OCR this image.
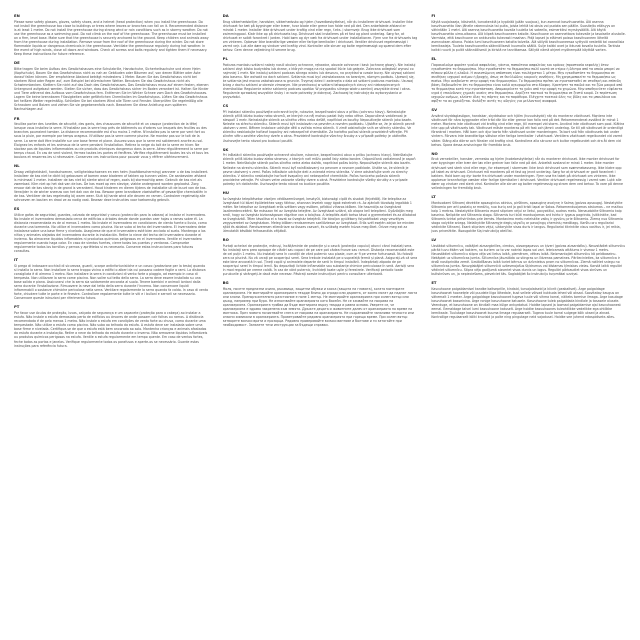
EN

Please wear safety glasses, gloves, safety shoes, and a helmet (head protection) when you install the greenhouse. Do not install the greenhouse too close to buildings or trees where leaves or branches can fall on it. Recommended distance is at least 1 metre. Do not install the greenhouse during strong wind or rain conditions such as in stormy weather. Do not use the greenhouse as a swimming pool. Do not climb on the roof of the greenhouse. The greenhouse must be installed on a firm, level base. Make sure that the greenhouse is securely anchored to the ground. Keep children and animals away from the greenhouse during installation. Remove snow from the roof of the greenhouse during the winter. Do not store flammable liquids or dangerous chemicals in the greenhouse. Ventilate the greenhouse regularly during hot weather. In the event of high winds, close all doors and windows. Check all screws and bolts regularly and tighten them if necessary. Keep these instructions for future reference.

DE

Bitte tragen Sie beim Aufbau des Gewächshauses eine Schutzbrille, Handschuhe, Sicherheitsschuhe und einen Helm (Kopfschutz). Bauen Sie das Gewächshaus nicht zu nah an Gebäuden oder Bäumen auf, von denen Blätter oder Äste darauf fallen können. Der empfohlene Abstand beträgt mindestens 1 Meter. Bauen Sie das Gewächshaus nicht bei starkem Wind oder Regen auf, zum Beispiel bei stürmischem Wetter. Benutzen Sie das Gewächshaus nicht als Schwimmbecken. Klettern Sie nicht auf das Dach des Gewächshauses. Das Gewächshaus muss auf einem festen, ebenen Untergrund aufgebaut werden. Stellen Sie sicher, dass das Gewächshaus sicher im Boden verankert ist. Halten Sie Kinder und Tiere während des Aufbaus vom Gewächshaus fern. Entfernen Sie im Winter Schnee vom Dach des Gewächshauses. Lagern Sie keine brennbaren Flüssigkeiten oder gefährlichen Chemikalien im Gewächshaus. Lüften Sie das Gewächshaus bei heißem Wetter regelmäßig. Schließen Sie bei starkem Wind alle Türen und Fenster. Überprüfen Sie regelmäßig alle Schrauben und Bolzen und ziehen Sie sie gegebenenfalls nach. Bewahren Sie diese Anleitung zum späteren Nachschlagen auf.

FR

Veuillez porter des lunettes de sécurité, des gants, des chaussures de sécurité et un casque (protection de la tête) lorsque vous installez la serre. N'installez pas la serre trop près de bâtiments ou d'arbres sur lesquels des feuilles ou des branches pourraient tomber. La distance recommandée est d'au moins 1 mètre. N'installez pas la serre par vent fort ou sous la pluie, par exemple par temps orageux. N'utilisez pas la serre comme piscine. Ne montez pas sur le toit de la serre. La serre doit être installée sur une base ferme et plane. Assurez-vous que la serre est solidement ancrée au sol. Éloignez les enfants et les animaux de la serre pendant l'installation. Retirez la neige du toit de la serre en hiver. Ne stockez pas de liquides inflammables ou de produits chimiques dangereux dans la serre. Aérez régulièrement la serre par temps chaud. En cas de vent violent, fermez toutes les portes et fenêtres. Vérifiez régulièrement toutes les vis et tous les boulons et resserrez-les si nécessaire. Conservez ces instructions pour pouvoir vous y référer ultérieurement.

NL

Draag veiligheidsbril, handschoenen, veiligheidsschoenen en een helm (hoofdbescherming) wanneer u de kas installeert. Installeer de kas niet te dicht bij gebouwen of bomen waar bladeren of takken op kunnen vallen. De aanbevolen afstand is minimaal 1 meter. Installeer de kas niet bij sterke wind of regen, zoals bij stormachtig weer. Gebruik de kas niet als zwembad. Klim niet op het dak van de kas. De kas moet op een stevige, vlakke ondergrond worden geplaatst. Zorg ervoor dat de kas stevig in de grond is verankerd. Houd kinderen en dieren tijdens de installatie uit de buurt van de kas. Verwijder in de winter sneeuw van het dak van de kas. Bewaar geen brandbare vloeistoffen of gevaarlijke chemicaliën in de kas. Ventileer de kas regelmatig bij warm weer. Sluit bij harde wind alle deuren en ramen. Controleer regelmatig alle schroeven en bouten en draai ze zo nodig vast. Bewaar deze instructies voor toekomstig gebruik.

ES

Utilice gafas de seguridad, guantes, calzado de seguridad y casco (protección para la cabeza) al instalar el invernadero. No instale el invernadero demasiado cerca de edificios o árboles desde donde puedan caer hojas o ramas sobre él. La distancia recomendada es de al menos 1 metro. No instale el invernadero en condiciones de viento fuerte o lluvia, como durante una tormenta. No utilice el invernadero como piscina. No se suba al techo del invernadero. El invernadero debe instalarse sobre una base firme y nivelada. Asegúrese de que el invernadero esté bien anclado al suelo. Mantenga a los niños y animales alejados del invernadero durante la instalación. Retire la nieve del techo del invernadero durante el invierno. No almacene líquidos inflamables ni productos químicos peligrosos en el invernadero. Ventile el invernadero regularmente cuando haga calor. En caso de vientos fuertes, cierre todas las puertas y ventanas. Compruebe regularmente todos los tornillos y pernos y apriételos si es necesario. Conserve estas instrucciones para futuras consultas.

IT

Si prega di indossare occhiali di sicurezza, guanti, scarpe antinfortunistiche e un casco (protezione per la testa) quando si installa la serra. Non installare la serra troppo vicino a edifici o alberi da cui possano cadere foglie o rami. La distanza consigliata è di almeno 1 metro. Non installare la serra in condizioni di vento forte o pioggia, ad esempio in caso di tempesta. Non utilizzare la serra come piscina. Non salire sul tetto della serra. La serra deve essere installata su una base solida e piana. Assicurarsi che la serra sia saldamente ancorata al suolo. Tenere bambini e animali lontani dalla serra durante l'installazione. Rimuovere la neve dal tetto della serra durante l'inverno. Non conservare liquidi infiammabili o sostanze chimiche pericolose nella serra. Ventilare regolarmente la serra quando fa caldo. In caso di vento forte, chiudere tutte le porte e le finestre. Controllare regolarmente tutte le viti e i bulloni e serrarli se necessario. Conservare queste istruzioni per riferimento futuro.

PT

Por favor use óculos de proteção, luvas, calçado de segurança e um capacete (proteção para a cabeça) ao instalar a estufa. Não instale a estufa demasiado perto de edifícios ou árvores de onde possam cair folhas ou ramos. A distância recomendada é de pelo menos 1 metro. Não instale a estufa em condições de vento forte ou chuva, como durante uma tempestade. Não utilize a estufa como piscina. Não suba ao telhado da estufa. A estufa deve ser instalada sobre uma base firme e nivelada. Certifique-se de que a estufa está bem ancorada ao solo. Mantenha crianças e animais afastados da estufa durante a instalação. Retire a neve do telhado da estufa durante o inverno. Não armazene líquidos inflamáveis ou produtos químicos perigosos na estufa. Ventile a estufa regularmente em tempo quente. Em caso de ventos fortes, feche todas as portas e janelas. Verifique regularmente todos os parafusos e aperte-os se necessário. Guarde estas instruções para referência futura.

DA

Brug sikkerhedsbriller, handsker, sikkerhedssko og hjelm (hovedbeskyttelse), når du installerer drivhuset. Installer ikke drivhuset for tæt på bygninger eller træer, hvor blade eller grene kan falde ned på det. Den anbefalede afstand er mindst 1 meter. Installer ikke drivhuset under kraftig vind eller regn, f.eks. i stormvejr. Brug ikke drivhuset som swimmingpool. Klatr ikke op på drivhusets tag. Drivhuset skal installeres på et fast og plant underlag. Sørg for, at drivhuset er solidt forankret i jorden. Hold børn og dyr væk fra drivhuset under installationen. Fjern sne fra drivhusets tag om vinteren. Opbevar ikke brandfarlige væsker eller farlige kemikalier i drivhuset. Ventiler drivhuset regelmæssigt i varmt vejr. Luk alle døre og vinduer ved kraftig vind. Kontroller alle skruer og bolte regelmæssigt og spænd dem efter behov. Gem denne vejledning til senere brug.

PL

Podczas montażu szklarni należy nosić okulary ochronne, rękawice, obuwie ochronne i kask (ochronę głowy). Nie instaluj szklarni zbyt blisko budynków lub drzew, z których mogą na nią spadać liście lub gałęzie. Zalecana odległość wynosi co najmniej 1 metr. Nie instaluj szklarni podczas silnego wiatru lub deszczu, na przykład w czasie burzy. Nie używaj szklarni jako basenu. Nie wchodź na dach szklarni. Szklarnia musi być zainstalowana na twardym, równym podłożu. Upewnij się, że szklarnia jest mocno zakotwiczona w gruncie. Trzymaj dzieci i zwierzęta z dala od szklarni podczas montażu. Usuwaj śnieg z dachu szklarni w okresie zimowym. Nie przechowuj w szklarni łatwopalnych cieczy ani niebezpiecznych chemikaliów. Regularnie wietrz szklarnię podczas upałów. W przypadku silnego wiatru zamknij wszystkie drzwi i okna. Regularnie sprawdzaj wszystkie śruby i w razie potrzeby je dokręcaj. Zachowaj tę instrukcję do wykorzystania w przyszłości.

CS

Při instalaci skleníku používejte ochranné brýle, rukavice, bezpečnostní obuv a přilbu (ochranu hlavy). Neinstalujte skleník příliš blízko budov nebo stromů, ze kterých na něj mohou padat listy nebo větve. Doporučená vzdálenost je alespoň 1 metr. Neinstalujte skleník za silného větru nebo deště, například za bouřky. Nepoužívejte skleník jako bazén. Nelezte na střechu skleníku. Skleník musí být instalován na pevném a rovném podkladu. Ujistěte se, že je skleník pevně ukotven v zemi. Během instalace udržujte děti a zvířata mimo skleník. V zimě odstraňujte sníh ze střechy skleníku. Ve skleníku neskladujte hořlavé kapaliny ani nebezpečné chemikálie. Za horkého počasí skleník pravidelně větrejte. Při silném větru zavřete všechny dveře a okna. Pravidelně kontrolujte všechny šrouby a v případě potřeby je utáhněte. Uschovejte tento návod pro budoucí použití.

SK

Pri inštalácii skleníka používajte ochranné okuliare, rukavice, bezpečnostnú obuv a prilbu (ochranu hlavy). Neinštalujte skleník príliš blízko budov alebo stromov, z ktorých naň môžu padať listy alebo konáre. Odporúčaná vzdialenosť je aspoň 1 meter. Neinštalujte skleník počas silného vetra alebo dažďa, napríklad počas búrky. Nepoužívajte skleník ako bazén. Neliezte na strechu skleníka. Skleník musí byť nainštalovaný na pevnom a rovnom podklade. Uistite sa, že skleník je pevne ukotvený v zemi. Počas inštalácie udržujte deti a zvieratá mimo skleníka. V zime odstraňujte sneh zo strechy skleníka. V skleníku neskladujte horľavé kvapaliny ani nebezpečné chemikálie. Počas horúceho počasia skleník pravidelne vetrajte. Pri silnom vetre zatvorte všetky dvere a okná. Pravidelne kontrolujte všetky skrutky a v prípade potreby ich dotiahnite. Uschovajte tento návod na budúce použitie.

HU

Az üvegház telepítésekor viseljen védőszemüveget, kesztyűt, biztonsági cipőt és sisakot (fejvédőt). Ne telepítse az üvegházat túl közel épületekhez vagy fákhoz, ahonnan levelek vagy ágak eshetnek rá. Az ajánlott távolság legalább 1 méter. Ne telepítse az üvegházat erős szélben vagy esőben, például viharos időben. Ne használja az üvegházat úszómedenceként. Ne másszon fel az üvegház tetejére. Az üvegházat szilárd, sík alapra kell telepíteni. Győződjön meg arról, hogy az üvegház biztonságosan rögzítve van a talajhoz. A telepítés alatt tartsa távol a gyermekeket és az állatokat az üvegháztól. Télen távolítsa el a havat az üvegház tetejéről. Ne tároljon gyúlékony folyadékokat vagy veszélyes vegyszereket az üvegházban. Meleg időben rendszeresen szellőztesse az üvegházat. Erős szél esetén zárjon be minden ajtót és ablakot. Rendszeresen ellenőrizze az összes csavart, és szükség esetén húzza meg őket. Őrizze meg ezt az útmutatót későbbi felhasználás céljából.

RO

Purtați ochelari de protecție, mănuși, încălțăminte de protecție și o cască (protecția capului) atunci când instalați sera. Nu instalați sera prea aproape de clădiri sau copaci de pe care pot cădea frunze sau ramuri. Distanța recomandată este de cel puțin 1 metru. Nu instalați sera în condiții de vânt puternic sau ploaie, cum ar fi pe vreme furtunoasă. Nu folosiți sera ca piscină. Nu vă urcați pe acoperișul serei. Sera trebuie instalată pe o suprafață fermă și plană. Asigurați-vă că sera este bine ancorată în sol. Țineți copiii și animalele departe de seră în timpul instalării. Îndepărtați zăpada de pe acoperișul serei în timpul iernii. Nu depozitați lichide inflamabile sau substanțe chimice periculoase în seră. Aerisiți sera în mod regulat pe vreme caldă. În caz de vânt puternic, închideți toate ușile și ferestrele. Verificați periodic toate șuruburile și strângeți-le dacă este necesar. Păstrați aceste instrucțiuni pentru consultare ulterioară.

BG

Моля, носете предпазни очила, ръкавици, защитни обувки и каска (защита на главата), когато монтирате оранжерията. Не монтирайте оранжерията твърде близо до сгради или дървета, от които могат да паднат листа или клони. Препоръчителното разстояние е поне 1 метър. Не монтирайте оранжерията при силен вятър или дъжд, например при буря. Не използвайте оранжерията като басейн. Не се качвайте на покрива на оранжерията. Оранжерията трябва да бъде монтирана върху твърда и равна основа. Уверете се, че оранжерията е здраво закрепена към земята. Дръжте децата и животните далеч от оранжерията по време на монтажа. През зимата почиствайте снега от покрива на оранжерията. Не съхранявайте запалими течности или опасни химикали в оранжерията. Проветрявайте редовно оранжерията при горещо време. При силен вятър затворете всички врати и прозорци. Редовно проверявайте всички винтове и болтове и ги затягайте при необходимост. Запазете тези инструкции за бъдещи справки.

FI

Käytä suojalaseja, käsineitä, turvakenkiä ja kypärää (pään suojaus), kun asennat kasvihuonetta. Älä asenna kasvihuonetta liian lähelle rakennuksia tai puita, joista lehtiä tai oksia voi pudota sen päälle. Suositeltu etäisyys on vähintään 1 metri. Älä asenna kasvihuonetta kovalla tuulella tai sateella, esimerkiksi myrskysäällä. Älä käytä kasvihuonetta uima-altaana. Älä kiipeä kasvihuoneen katolle. Kasvihuone on asennettava tukevalle ja tasaiselle alustalle. Varmista, että kasvihuone on ankkuroitu tukevasti maahan. Pidä lapset ja eläimet poissa kasvihuoneen läheltä asennuksen aikana. Poista lumi kasvihuoneen katolta talvella. Älä säilytä kasvihuoneessa syttyviä nesteitä tai vaarallisia kemikaaleja. Tuuleta kasvihuonetta säännöllisesti kuumalla säällä. Sulje kaikki ovet ja ikkunat kovalla tuulella. Tarkista kaikki ruuvit ja pultit säännöllisesti ja kiristä ne tarvittaessa. Säilytä nämä ohjeet myöhempää käyttöä varten.

EL

Παρακαλούμε φοράτε γυαλιά ασφαλείας, γάντια, παπούτσια ασφαλείας και κράνος (προστασία κεφαλής) όταν εγκαθιστάτε το θερμοκήπιο. Μην εγκαθιστάτε το θερμοκήπιο πολύ κοντά σε κτίρια ή δέντρα από τα οποία μπορεί να πέσουν φύλλα ή κλαδιά. Η συνιστώμενη απόσταση είναι τουλάχιστον 1 μέτρο. Μην εγκαθιστάτε το θερμοκήπιο σε συνθήκες ισχυρού ανέμου ή βροχής, όπως σε θυελλώδεις καιρικές συνθήκες. Μη χρησιμοποιείτε το θερμοκήπιο ως πισίνα. Μην ανεβαίνετε στην οροφή του θερμοκηπίου. Το θερμοκήπιο πρέπει να εγκατασταθεί σε σταθερή και επίπεδη βάση. Βεβαιωθείτε ότι το θερμοκήπιο είναι καλά αγκυρωμένο στο έδαφος. Κρατήστε τα παιδιά και τα ζώα μακριά από το θερμοκήπιο κατά την εγκατάσταση. Απομακρύνετε το χιόνι από την οροφή το χειμώνα. Μην αποθηκεύετε εύφλεκτα υγρά ή επικίνδυνες χημικές ουσίες στο θερμοκήπιο. Αερίζετε τακτικά το θερμοκήπιο σε ζεστό καιρό. Σε περίπτωση ισχυρών ανέμων, κλείστε όλες τις πόρτες και τα παράθυρα. Ελέγχετε τακτικά όλες τις βίδες και τα μπουλόνια και σφίξτε τα αν χρειάζεται. Φυλάξτε αυτές τις οδηγίες για μελλοντική αναφορά.

SV

Använd skyddsglasögon, handskar, skyddsskor och hjälm (huvudskydd) när du monterar växthuset. Montera inte växthuset för nära byggnader eller träd där löv eller grenar kan falla ned på det. Rekommenderat avstånd är minst 1 meter. Montera inte växthuset vid kraftig vind eller regn, till exempel vid storm. Använd inte växthuset som pool. Klättra inte upp på växthusets tak. Växthuset måste monteras på ett fast och jämnt underlag. Se till att växthuset är ordentligt förankrat i marken. Håll barn och djur borta från växthuset under monteringen. Ta bort snö från växthusets tak under vintern. Förvara inte brandfarliga vätskor eller farliga kemikalier i växthuset. Ventilera växthuset regelbundet vid varmt väder. Stäng alla dörrar och fönster vid kraftig vind. Kontrollera alla skruvar och bultar regelbundet och dra åt dem vid behov. Spara dessa anvisningar för framtida bruk.

NO

Bruk vernebriller, hansker, vernesko og hjelm (hodebeskyttelse) når du monterer drivhuset. Ikke monter drivhuset for nær bygninger eller trær der løv eller greiner kan falle ned på det. Anbefalt avstand er minst 1 meter. Ikke monter drivhuset ved sterk vind eller regn, for eksempel i stormvær. Ikke bruk drivhuset som svømmebasseng. Ikke klatre opp på taket av drivhuset. Drivhuset må monteres på et fast og jevnt underlag. Sørg for at drivhuset er godt forankret i bakken. Hold barn og dyr borte fra drivhuset under monteringen. Fjern snø fra taket på drivhuset om vinteren. Ikke oppbevar brannfarlige væsker eller farlige kjemikalier i drivhuset. Ventiler drivhuset regelmessig i varmt vær. Lukk alle dører og vinduer ved sterk vind. Kontroller alle skruer og bolter regelmessig og stram dem ved behov. Ta vare på denne veiledningen for fremtidig bruk.

LT

Montuodami šiltnamį dėvėkite apsauginius akinius, pirštines, apsauginę avalynę ir šalmą (galvos apsaugą). Nestatykite šiltnamio per arti pastatų ar medžių, nuo kurių ant jo gali kristi lapai ar šakos. Rekomenduojamas atstumas – ne mažiau kaip 1 metras. Nestatykite šiltnamio esant stipriam vėjui ar lietui, pavyzdžiui, audros metu. Nenaudokite šiltnamio kaip baseino. Nelipkite ant šiltnamio stogo. Šiltnamis turi būti montuojamas ant tvirto ir lygaus pagrindo. Įsitikinkite, kad šiltnamis tvirtai pritvirtintas prie žemės. Montavimo metu neleiskite vaikų ir gyvūnų prie šiltnamio. Žiemą nuo šiltnamio stogo valykite sniegą. Nelaikykite šiltnamyje degių skysčių ar pavojingų cheminių medžiagų. Karštu oru reguliariai vėdinkite šiltnamį. Esant stipriam vėjui, uždarykite visas duris ir langus. Reguliariai tikrinkite visus varžtus ir, jei reikia, juos priveržkite. Išsaugokite šią instrukciją ateičiai.

LV

Uzstādot siltumnīcu, valkājiet aizsargbrilles, cimdus, aizsargapavus un ķiveri (galvas aizsardzību). Neuzstādiet siltumnīcu pārāk tuvu ēkām vai kokiem, no kuriem uz to var nokrist lapas vai zari. Ieteicamais attālums ir vismaz 1 metrs. Neuzstādiet siltumnīcu stipra vēja vai lietus laikā, piemēram, vētras laikā. Neizmantojiet siltumnīcu kā peldbaseinu. Nekāpiet uz siltumnīcas jumta. Siltumnīca jāuzstāda uz stingras un līdzenas pamatnes. Pārliecinieties, ka siltumnīca ir droši nostiprināta zemē. Uzstādīšanas laikā turiet bērnus un dzīvniekus prom no siltumnīcas. Ziemā notīriet sniegu no siltumnīcas jumta. Neuzglabājiet siltumnīcā uzliesmojošus šķidrumus vai bīstamas ķīmiskas vielas. Karstā laikā regulāri vēdiniet siltumnīcu. Stipra vēja gadījumā aizveriet visas durvis un logus. Regulāri pārbaudiet visas skrūves un bultskrūves un, ja nepieciešams, pievelciet tās. Saglabājiet šo instrukciju turpmākai uzziņai.

ET

Kasvuhoone paigaldamisel kandke kaitseprille, kindaid, turvajalatseid ja kiivrit (peakaitset). Ärge paigaldage kasvuhoonet hoonetele või puudele liiga lähedale, kust sellele võivad kukkuda lehed või oksad. Soovitatav kaugus on vähemalt 1 meeter. Ärge paigaldage kasvuhoonet tugeva tuule või vihma korral, näiteks tormise ilmaga. Ärge kasutage kasvuhoonet basseinina. Ärge ronige kasvuhoone katusele. Kasvuhoone tuleb paigaldada kindlale ja tasasele alusele. Veenduge, et kasvuhoone on kindlalt maa külge ankurdatud. Hoidke lapsed ja loomad paigaldamise ajal kasvuhoonest eemal. Eemaldage talvel lumi kasvuhoone katuselt. Ärge hoidke kasvuhoones tuleohtlikke vedelikke ega ohtlikke kemikaale. Tuulutage kasvuhoonet kuuma ilmaga regulaarselt. Tugeva tuule korral sulgege kõik uksed ja aknad. Kontrollige regulaarselt kõiki kruvisid ja polte ning pingutage neid vajadusel. Hoidke see juhend edaspidiseks alles.
